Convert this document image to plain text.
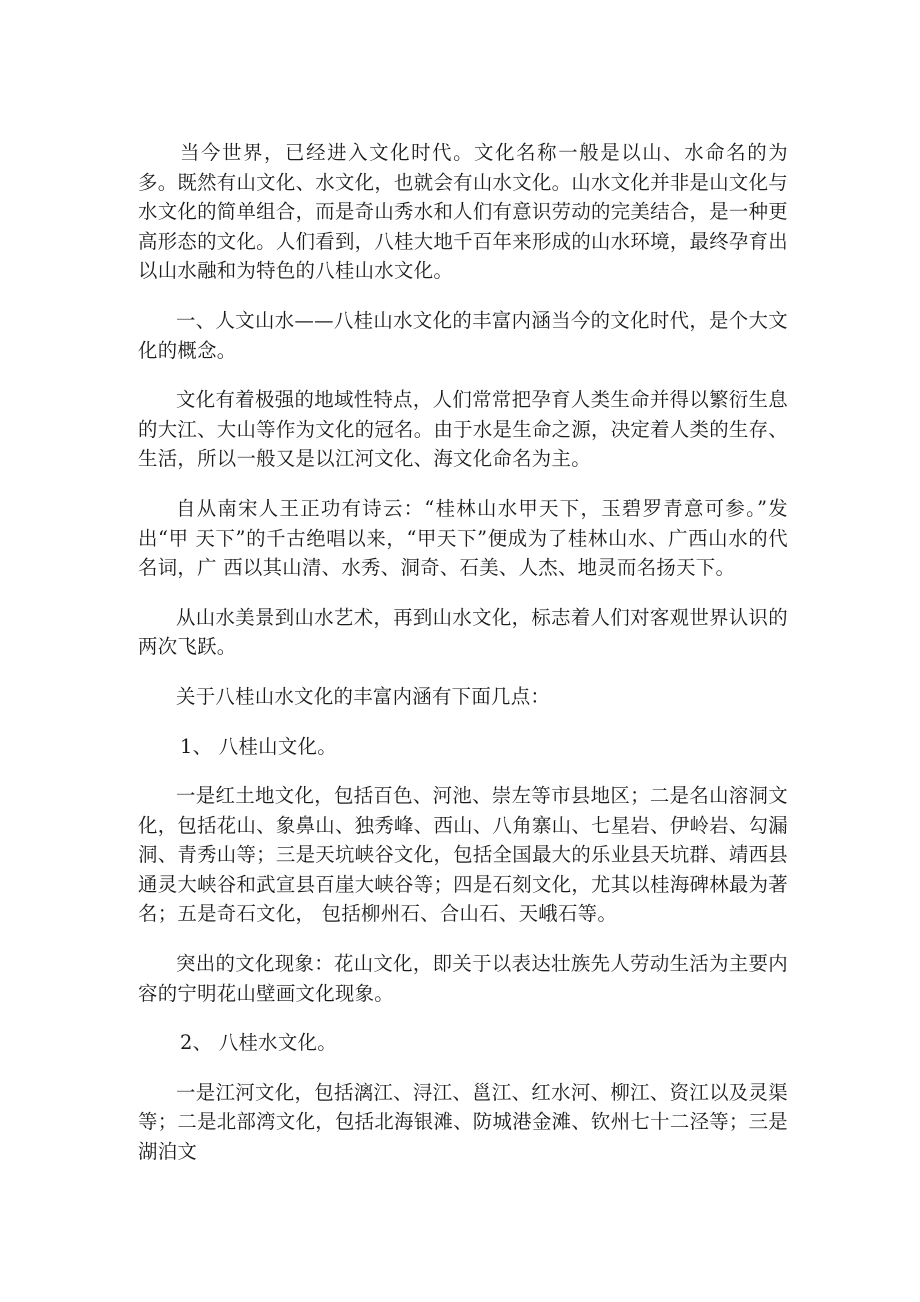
当今世界，已经进入文化时代。文化名称一般是以山、水命名的为多。既然有山文化、水文化，也就会有山水文化。山水文化并非是山文化与水文化的简单组合，而是奇山秀水和人们有意识劳动的完美结合，是一种更高形态的文化。人们看到，八桂大地千百年来形成的山水环境，最终孕育出以山水融和为特色的八桂山水文化。

一、人文山水——八桂山水文化的丰富内涵当今的文化时代，是个大文化的概念。

文化有着极强的地域性特点，人们常常把孕育人类生命并得以繁衍生息的大江、大山等作为文化的冠名。由于水是生命之源，决定着人类的生存、生活，所以一般又是以江河文化、海文化命名为主。

自从南宋人王正功有诗云：“桂林山水甲天下，玉碧罗青意可参。”发出“甲 天下”的千古绝唱以来，“甲天下”便成为了桂林山水、广西山水的代名词，广 西以其山清、水秀、洞奇、石美、人杰、地灵而名扬天下。

从山水美景到山水艺术，再到山水文化，标志着人们对客观世界认识的两次飞跃。

关于八桂山水文化的丰富内涵有下面几点：

1、 八桂山文化。

一是红土地文化，包括百色、河池、崇左等市县地区；二是名山溶洞文化，包括花山、象鼻山、独秀峰、西山、八角寨山、七星岩、伊岭岩、勾漏洞、青秀山等；三是天坑峡谷文化，包括全国最大的乐业县天坑群、靖西县通灵大峡谷和武宣县百崖大峡谷等；四是石刻文化，尤其以桂海碑林最为著名；五是奇石文化， 包括柳州石、合山石、天峨石等。

突出的文化现象：花山文化，即关于以表达壮族先人劳动生活为主要内容的宁明花山壁画文化现象。

2、 八桂水文化。

一是江河文化，包括漓江、浔江、邕江、红水河、柳江、资江以及灵渠等；二是北部湾文化，包括北海银滩、防城港金滩、钦州七十二泾等；三是湖泊文
